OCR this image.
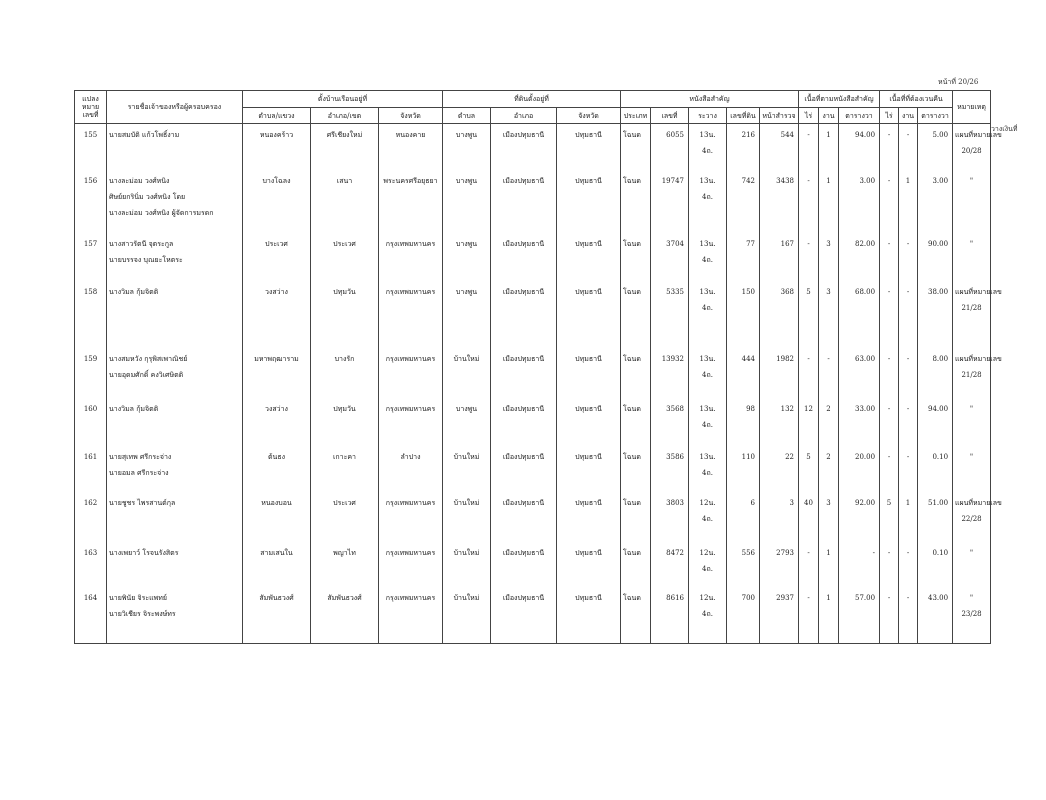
หน้าที่ 20/26
วางเงินที่
แปลง หมาย เลขที่	รายชื่อเจ้าของหรือผู้ครอบครอง	ตั้งบ้านเรือนอยู่ที่			ที่ดินตั้งอยู่ที่			หนังสือสำคัญ					เนื้อที่ตามหนังสือสำคัญ			เนื้อที่ที่ต้องเวนคืน			หมายเหตุ
		ตำบล/แขวง	อำเภอ/เขต	จังหวัด	ตำบล	อำเภอ	จังหวัด	ประเภท	เลขที่	ระวาง	เลขที่ดิน	หน้าสำรวจ	ไร่	งาน	ตารางวา	ไร่	งาน	ตารางวา	
155	นายสมบัติ แก้วโพธิ์งาม	หนองคร้าว	ศรีเชียงใหม่	หนองคาย	บางพูน	เมืองปทุมธานี	ปทุมธานี	โฉนด	6055	13น.
4ถ.	216	544	-	1	94.00	-	-	5.00	แผนที่หมายเลข
20/28

156	นางละม่อม วงศ์หนิง
ศิษย์ยกรินิ่ม วงศ์หนิง โดย
นางละม่อม วงศ์หนิง ผู้จัดการมรดก	บางโฉลง	เสนา	พระนครศรีอยุธยา	บางพูน	เมืองปทุมธานี	ปทุมธานี	โฉนด	19747	13น.
4ถ.	742	3438	-	1	3.00	-	1	3.00	"

157	นางสาวรัตนี จุตระกูล
นายบรรจง บุณยะโหตระ	ประเวศ	ประเวศ	กรุงเทพมหานคร	บางพูน	เมืองปทุมธานี	ปทุมธานี	โฉนด	3704	13น.
4ถ.	77	167	-	3	82.00	-	-	90.00	"

158	นางวิมล กุ้มจิตติ	วงสว่าง	ปทุมวัน	กรุงเทพมหานคร	บางพูน	เมืองปทุมธานี	ปทุมธานี	โฉนด	5335	13น.
4ถ.	150	368	5	3	68.00	-	-	38.00	แผนที่หมายเลข
21/28

159	นางสมหวัง กุรุพิสเพาณิชย์
นายอุดมศักดิ์ คงวิเศษิตติ	มหาพฤฒาราม	บางรัก	กรุงเทพมหานคร	บ้านใหม่	เมืองปทุมธานี	ปทุมธานี	โฉนด	13932	13น.
4ถ.	444	1982	-	-	63.00	-	-	8.00	แผนที่หมายเลข
21/28

160	นางวิมล กุ้มจิตติ	วงสว่าง	ปทุมวัน	กรุงเทพมหานคร	บางพูน	เมืองปทุมธานี	ปทุมธานี	โฉนด	3568	13น.
4ถ.	98	132	12	2	33.00	-	-	94.00	"

161	นายสุเทพ ศรีกระจ่าง
นายอมล ศรีกระจ่าง	ต้นธง	เกาะคา	ลำปาง	บ้านใหม่	เมืองปทุมธานี	ปทุมธานี	โฉนด	3586	13น.
4ถ.	110	22	5	2	20.00	-	-	0.10	"

162	นายชูชร ไพรสานต์กุล	หนองบอน	ประเวศ	กรุงเทพมหานคร	บ้านใหม่	เมืองปทุมธานี	ปทุมธานี	โฉนด	3803	12น.
4ถ.	6	3	40	3	92.00	5	1	51.00	แผนที่หมายเลข
22/28

163	นางเพยาว์ โรจนรังสิตร	สามเสนใน	พญาไท	กรุงเทพมหานคร	บ้านใหม่	เมืองปทุมธานี	ปทุมธานี	โฉนด	8472	12น.
4ถ.	556	2793	-	1	-	-	-	0.10	"

164	นายพินัย จิระแพทย์
นายวิเชียร จิระพงษ์ทร	สัมพันธวงศ์	สัมพันธวงศ์	กรุงเทพมหานคร	บ้านใหม่	เมืองปทุมธานี	ปทุมธานี	โฉนด	8616	12น.
4ถ.	700	2937	-	1	57.00	-	-	43.00	"
23/28
